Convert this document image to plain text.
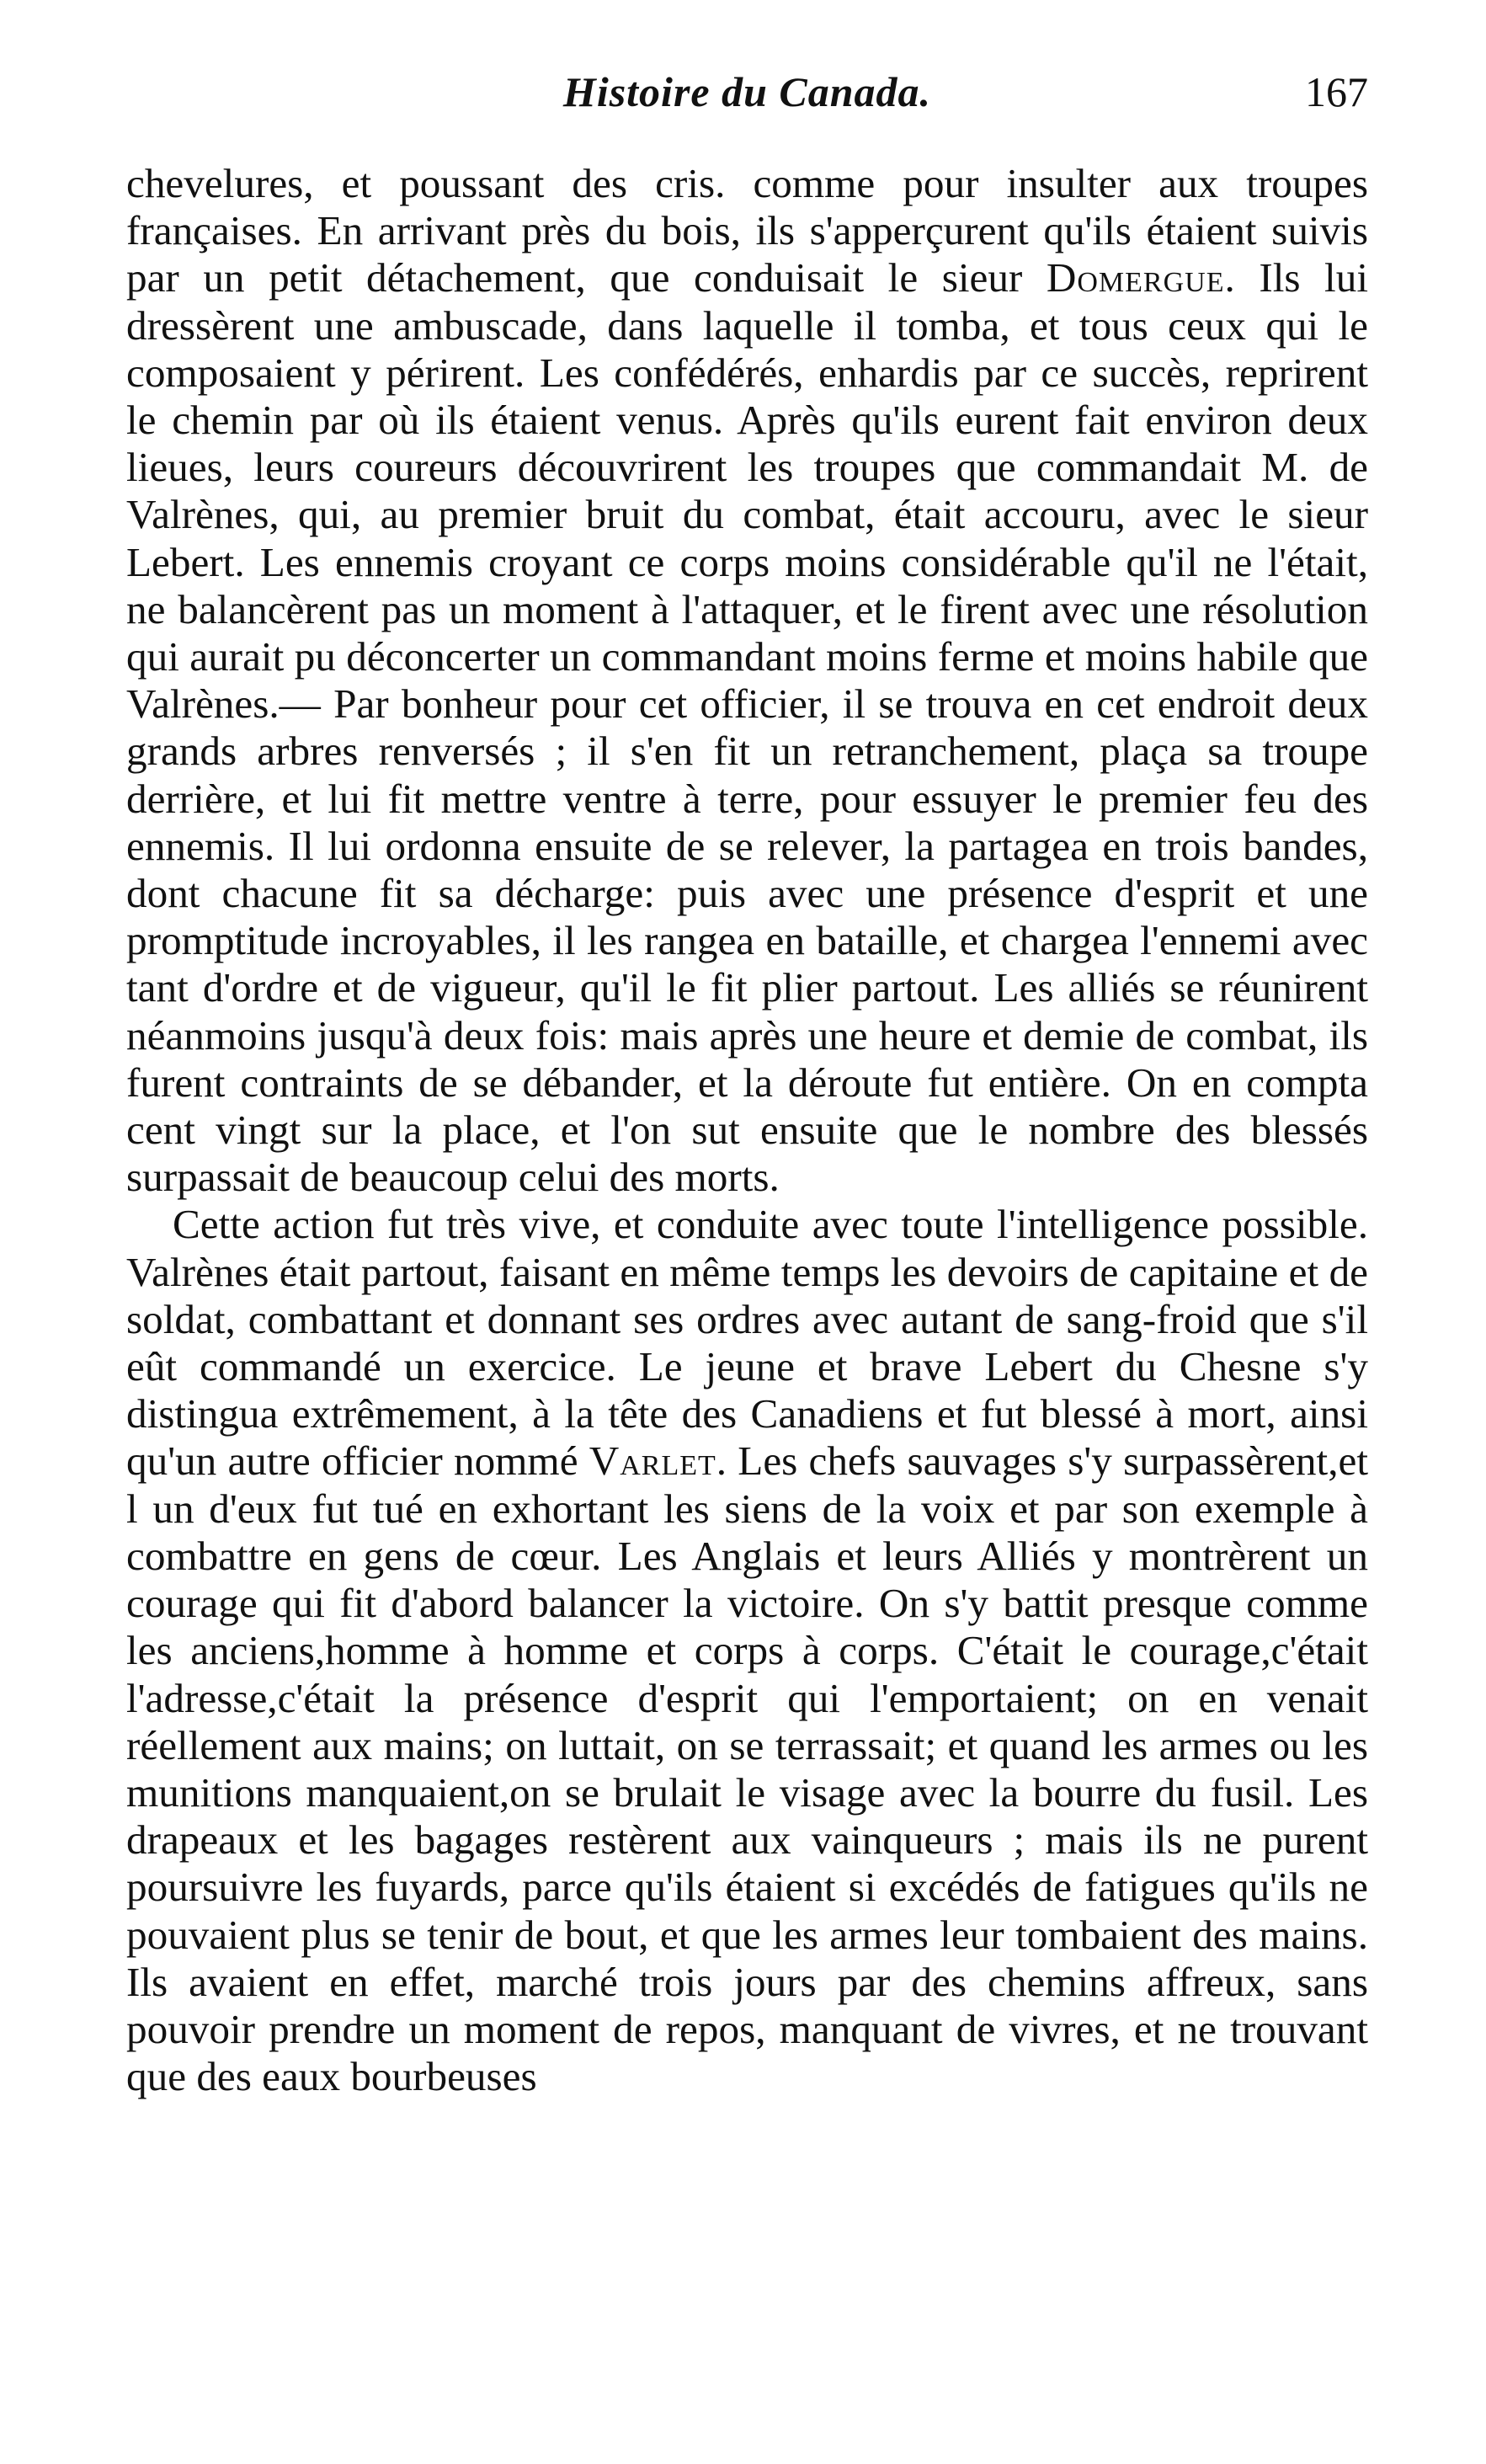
Histoire du Canada.	167

chevelures, et poussant des cris. comme pour insulter aux troupes françaises. En arrivant près du bois, ils s'apperçurent qu'ils étaient suivis par un petit détachement, que conduisait le sieur Domergue. Ils lui dressèrent une ambuscade, dans laquelle il tomba, et tous ceux qui le composaient y périrent. Les confédérés, enhardis par ce succès, reprirent le chemin par où ils étaient venus. Après qu'ils eurent fait environ deux lieues, leurs coureurs découvrirent les troupes que commandait M. de Valrènes, qui, au premier bruit du combat, était accouru, avec le sieur Lebert. Les ennemis croyant ce corps moins considérable qu'il ne l'était, ne balancèrent pas un moment à l'attaquer, et le firent avec une résolution qui aurait pu déconcerter un commandant moins ferme et moins habile que Valrènes.— Par bonheur pour cet officier, il se trouva en cet endroit deux grands arbres renversés ; il s'en fit un retranchement, plaça sa troupe derrière, et lui fit mettre ventre à terre, pour essuyer le premier feu des ennemis. Il lui ordonna ensuite de se relever, la partagea en trois bandes, dont chacune fit sa décharge: puis avec une présence d'esprit et une promptitude incroyables, il les rangea en bataille, et chargea l'ennemi avec tant d'ordre et de vigueur, qu'il le fit plier partout. Les alliés se réunirent néanmoins jusqu'à deux fois: mais après une heure et demie de combat, ils furent contraints de se débander, et la déroute fut entière. On en compta cent vingt sur la place, et l'on sut ensuite que le nombre des blessés surpassait de beaucoup celui des morts.

Cette action fut très vive, et conduite avec toute l'intelligence possible. Valrènes était partout, faisant en même temps les devoirs de capitaine et de soldat, combattant et donnant ses ordres avec autant de sang-froid que s'il eût commandé un exercice. Le jeune et brave Lebert du Chesne s'y distingua extrêmement, à la tête des Canadiens et fut blessé à mort, ainsi qu'un autre officier nommé Varlet. Les chefs sauvages s'y surpassèrent,et l un d'eux fut tué en exhortant les siens de la voix et par son exemple à combattre en gens de cœur. Les Anglais et leurs Alliés y montrèrent un courage qui fit d'abord balancer la victoire. On s'y battit presque comme les anciens,homme à homme et corps à corps. C'était le courage,c'était l'adresse,c'était la présence d'esprit qui l'emportaient; on en venait réellement aux mains; on luttait, on se terrassait; et quand les armes ou les munitions manquaient,on se brulait le visage avec la bourre du fusil. Les drapeaux et les bagages restèrent aux vainqueurs ; mais ils ne purent poursuivre les fuyards, parce qu'ils étaient si excédés de fatigues qu'ils ne pouvaient plus se tenir de bout, et que les armes leur tombaient des mains. Ils avaient en effet, marché trois jours par des chemins affreux, sans pouvoir prendre un moment de repos, manquant de vivres, et ne trouvant que des eaux bourbeuses
